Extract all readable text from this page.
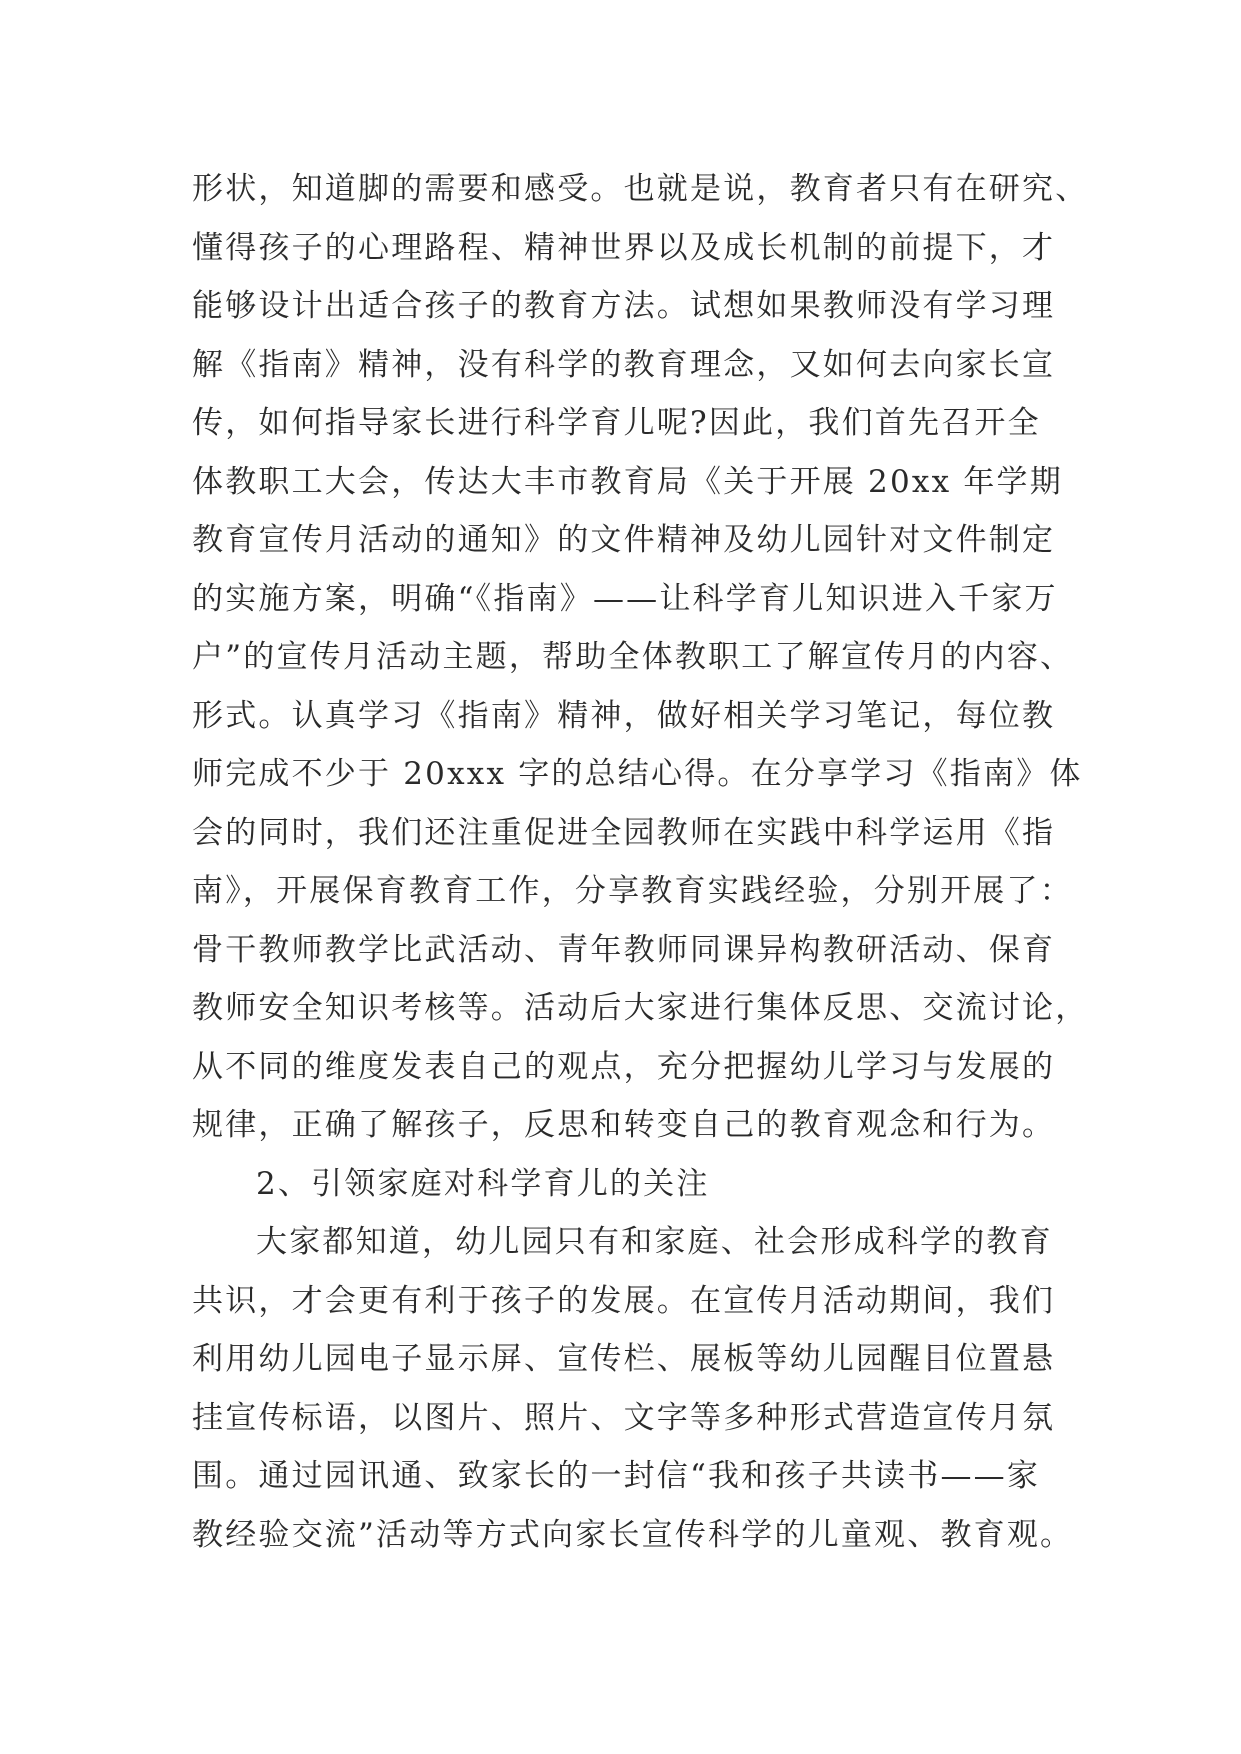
形状，知道脚的需要和感受。也就是说，教育者只有在研究、
懂得孩子的心理路程、精神世界以及成长机制的前提下，才
能够设计出适合孩子的教育方法。试想如果教师没有学习理
解《指南》精神，没有科学的教育理念，又如何去向家长宣
传，如何指导家长进行科学育儿呢?因此，我们首先召开全
体教职工大会，传达大丰市教育局《关于开展 20xx 年学期
教育宣传月活动的通知》的文件精神及幼儿园针对文件制定
的实施方案，明确“《指南》——让科学育儿知识进入千家万
户”的宣传月活动主题，帮助全体教职工了解宣传月的内容、
形式。认真学习《指南》精神，做好相关学习笔记，每位教
师完成不少于 20xxx 字的总结心得。在分享学习《指南》体
会的同时，我们还注重促进全园教师在实践中科学运用《指
南》，开展保育教育工作，分享教育实践经验，分别开展了：
骨干教师教学比武活动、青年教师同课异构教研活动、保育
教师安全知识考核等。活动后大家进行集体反思、交流讨论，
从不同的维度发表自己的观点，充分把握幼儿学习与发展的
规律，正确了解孩子，反思和转变自己的教育观念和行为。
2、引领家庭对科学育儿的关注
大家都知道，幼儿园只有和家庭、社会形成科学的教育
共识，才会更有利于孩子的发展。在宣传月活动期间，我们
利用幼儿园电子显示屏、宣传栏、展板等幼儿园醒目位置悬
挂宣传标语，以图片、照片、文字等多种形式营造宣传月氛
围。通过园讯通、致家长的一封信“我和孩子共读书——家
教经验交流”活动等方式向家长宣传科学的儿童观、教育观。
